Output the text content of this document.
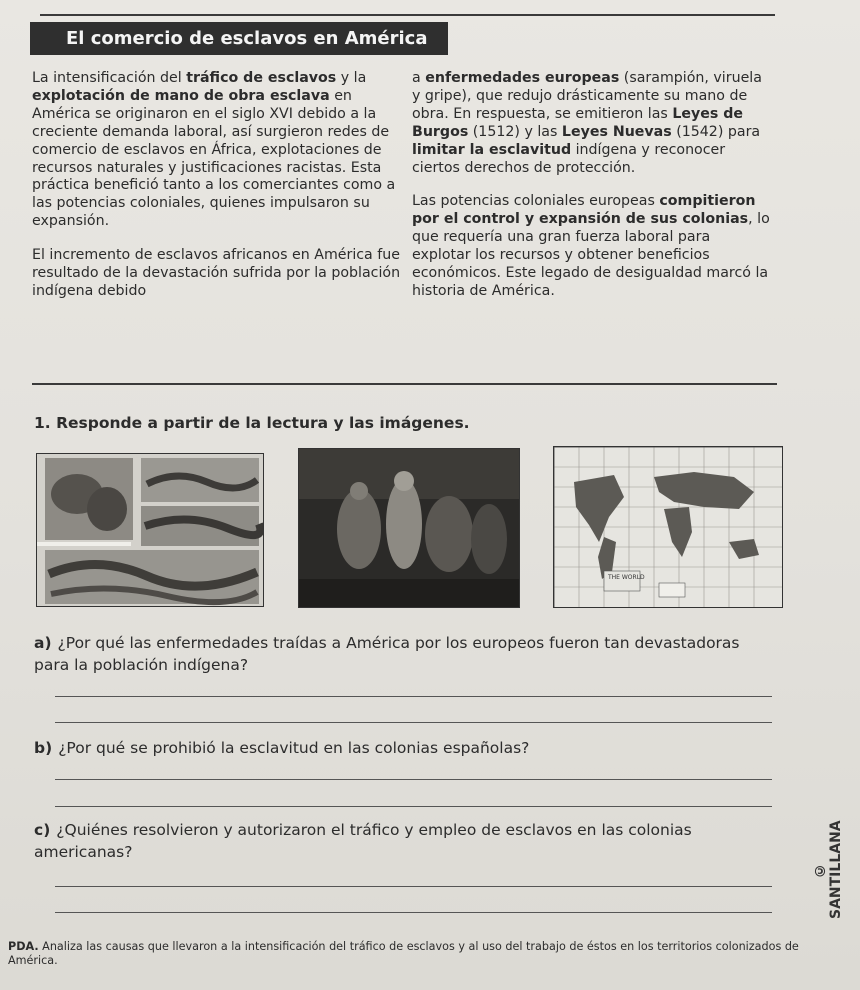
El comercio de esclavos en América

La intensificación del tráfico de esclavos y la explotación de mano de obra esclava en América se originaron en el siglo XVI debido a la creciente demanda laboral, así surgieron redes de comercio de esclavos en África, explotaciones de recursos naturales y justificaciones racistas. Esta práctica benefició tanto a los comerciantes como a las potencias coloniales, quienes impulsaron su expansión.

El incremento de esclavos africanos en América fue resultado de la devastación sufrida por la población indígena debido

a enfermedades europeas (sarampión, viruela y gripe), que redujo drásticamente su mano de obra. En respuesta, se emitieron las Leyes de Burgos (1512) y las Leyes Nuevas (1542) para limitar la esclavitud indígena y reconocer ciertos derechos de protección.

Las potencias coloniales europeas compitieron por el control y expansión de sus colonias, lo que requería una gran fuerza laboral para explotar los recursos y obtener beneficios económicos. Este legado de desigualdad marcó la historia de América.

1. Responde a partir de la lectura y las imágenes.
THE WORLD
a) ¿Por qué las enfermedades traídas a América por los europeos fueron tan devastadoras para la población indígena?
b) ¿Por qué se prohibió la esclavitud en las colonias españolas?
c) ¿Quiénes resolvieron y autorizaron el tráfico y empleo de esclavos en las colonias americanas?
© SANTILLANA
PDA. Analiza las causas que llevaron a la intensificación del tráfico de esclavos y al uso del trabajo de éstos en los territorios colonizados de América.
